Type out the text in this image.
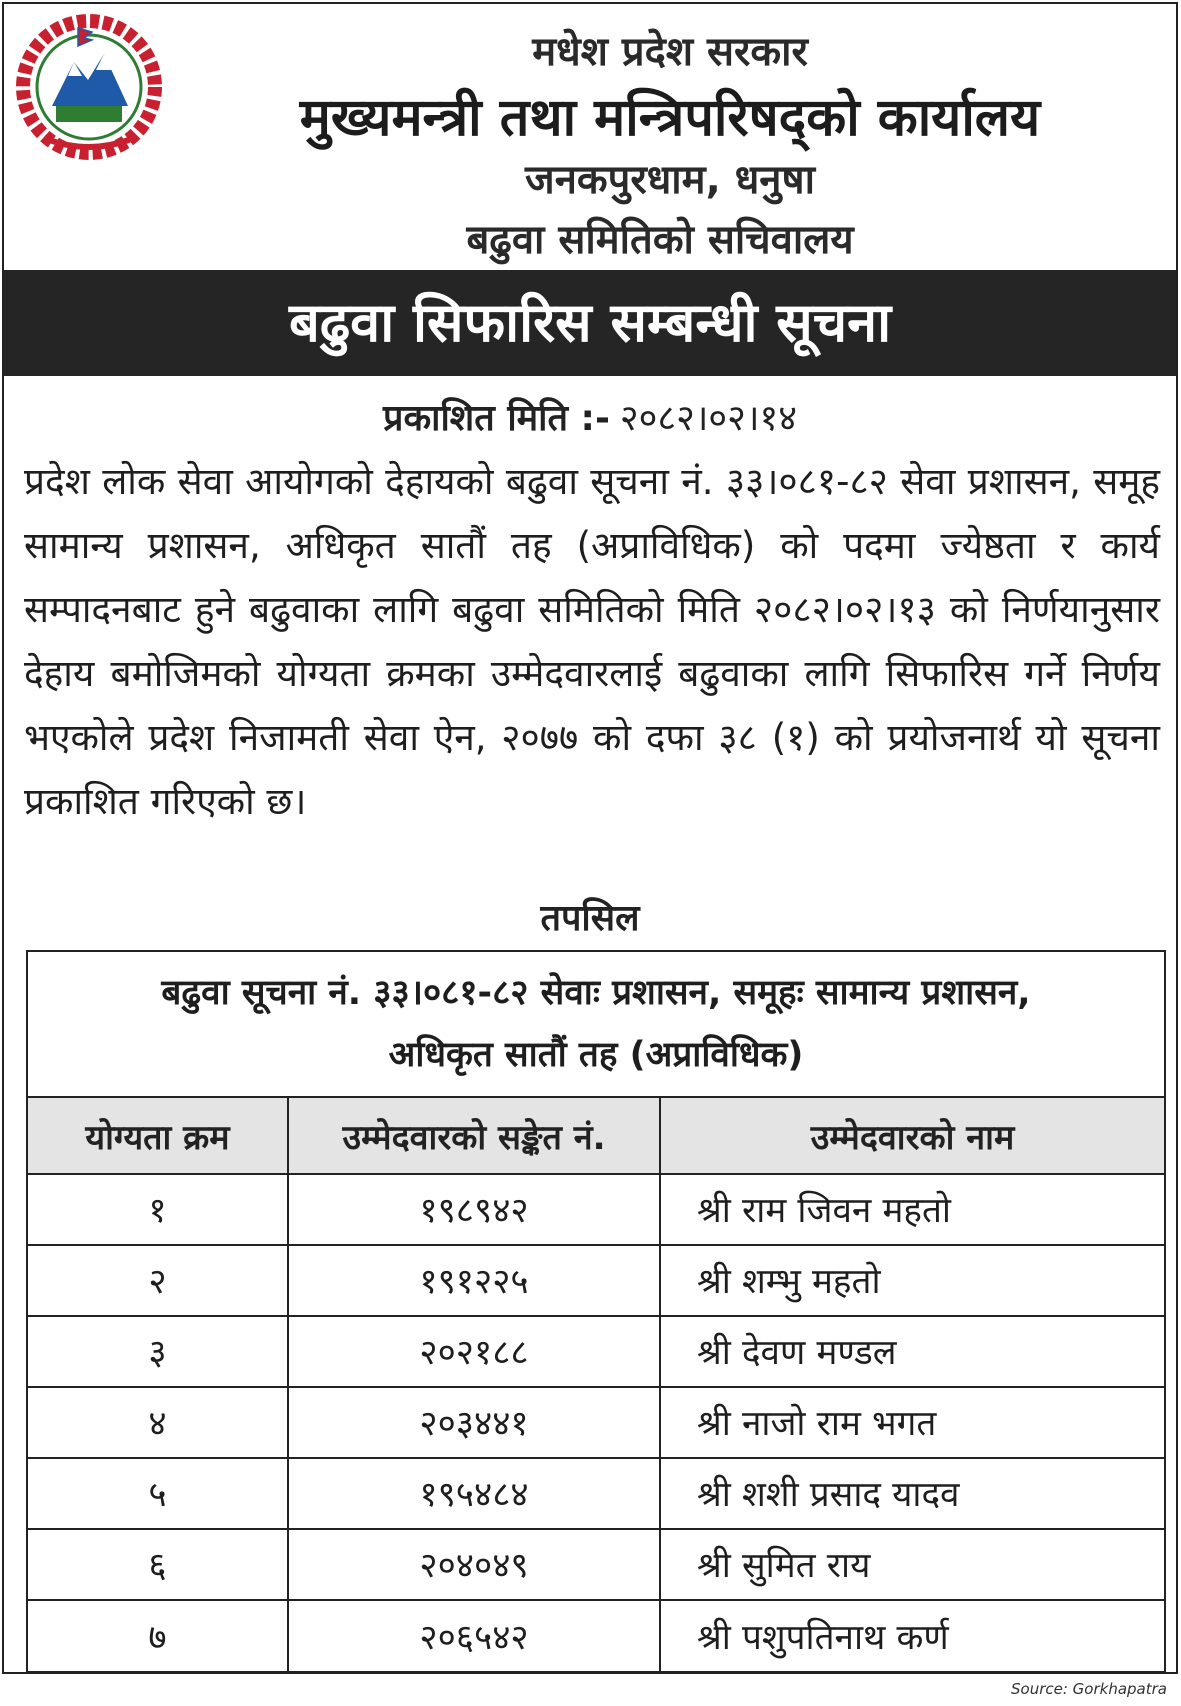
मधेश प्रदेश सरकार
मुख्यमन्त्री तथा मन्त्रिपरिषद्को कार्यालय
जनकपुरधाम, धनुषा
बढुवा समितिको सचिवालय
बढुवा सिफारिस सम्बन्धी सूचना
प्रकाशित मिति :- २०८२।०२।१४
प्रदेश लोक सेवा आयोगको देहायको बढुवा सूचना नं. ३३।०८१-८२ सेवा प्रशासन, समूह सामान्य प्रशासन, अधिकृत सातौं तह (अप्राविधिक) को पदमा ज्येष्ठता र कार्य सम्पादनबाट हुने बढुवाका लागि बढुवा समितिको मिति २०८२।०२।१३ को निर्णयानुसार देहाय बमोजिमको योग्यता क्रमका उम्मेदवारलाई बढुवाका लागि सिफारिस गर्ने निर्णय भएकोले प्रदेश निजामती सेवा ऐन, २०७७ को दफा ३८ (१) को प्रयोजनार्थ यो सूचना प्रकाशित गरिएको छ।
तपसिल
बढुवा सूचना नं. ३३।०८१-८२ सेवाः प्रशासन, समूहः सामान्य प्रशासन,
अधिकृत सातौं तह (अप्राविधिक)
योग्यता क्रम	उम्मेदवारको सङ्केत नं.	उम्मेदवारको नाम
१	१९८९४२	श्री राम जिवन महतो
२	१९१२२५	श्री शम्भु महतो
३	२०२१८८	श्री देवण मण्डल
४	२०३४४१	श्री नाजो राम भगत
५	१९५४८४	श्री शशी प्रसाद यादव
६	२०४०४९	श्री सुमित राय
७	२०६५४२	श्री पशुपतिनाथ कर्ण
Source: Gorkhapatra
